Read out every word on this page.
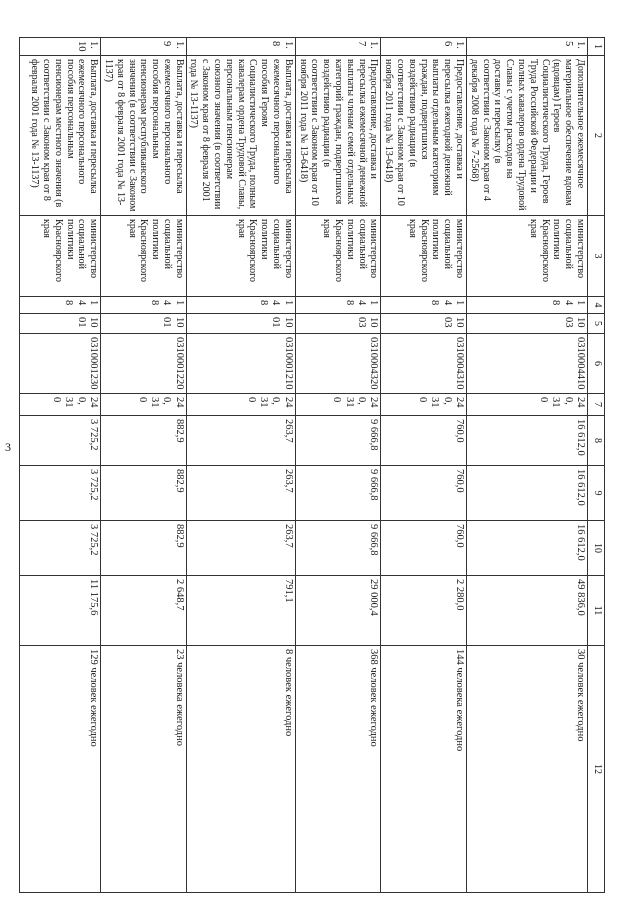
3
1	2	3	4	5	6	7	8	9	10	11	12
1.5	Дополнительное ежемесячное материальное обеспечение вдовам (вдовцам) Героев Социалистического Труда, Героев Труда Российской Федерации и полных кавалеров ордена Трудовой Славы с учетом расходов на доставку и пересылку (в соответствии с Законом края от 4 декабря 2008 года № 7-2568)	министерство социальной политики Красноярского края	148	1003	0310004410	240, 310	16 612,0	16 612,0	16 612,0	49 836,0	30 человек ежегодно
1.6	Предоставление, доставка и пересылка ежегодной денежной выплаты отдельным категориям граждан, подвергшихся воздействию радиации (в соответствии с Законом края от 10 ноября 2011 года № 13-6418)	министерство социальной политики Красноярского края	148	1003	0310004310	240, 310	760,0	760,0	760,0	2 280,0	144 человека ежегодно
1.7	Предоставление, доставка и пересылка ежемесячной денежной выплаты членам семей отдельных категорий граждан, подвергшихся воздействию радиации (в соответствии с Законом края от 10 ноября 2011 года № 13-6418)	министерство социальной политики Красноярского края	148	1003	0310004320	240, 310	9 666,8	9 666,8	9 666,8	29 000,4	368 человек ежегодно
1.8	Выплата, доставка и пересылка ежемесячного персонального пособия Героям Социалистического Труда, полным кавалерам ордена Трудовой Славы, персональным пенсионерам союзного значения (в соответствии с Законом края от 8 февраля 2001 года № 13-1137)	министерство социальной политики Красноярского края	148	1001	0310001210	240, 310	263,7	263,7	263,7	791,1	8 человек ежегодно
1.9	Выплата, доставка и пересылка ежемесячного персонального пособия персональным пенсионерам республиканского значения (в соответствии с Законом края от 8 февраля 2001 года № 13-1137)	министерство социальной политики Красноярского края	148	1001	0310001220	240, 310	882,9	882,9	882,9	2 648,7	23 человека ежегодно
1.10	Выплата, доставка и пересылка ежемесячного персонального пособия персональным пенсионерам местного значения (в соответствии с Законом края от 8 февраля 2001 года № 13-1137)	министерство социальной политики Красноярского края	148	1001	0310001230	240, 310	3 725,2	3 725,2	3 725,2	11 175,6	129 человек ежегодно
